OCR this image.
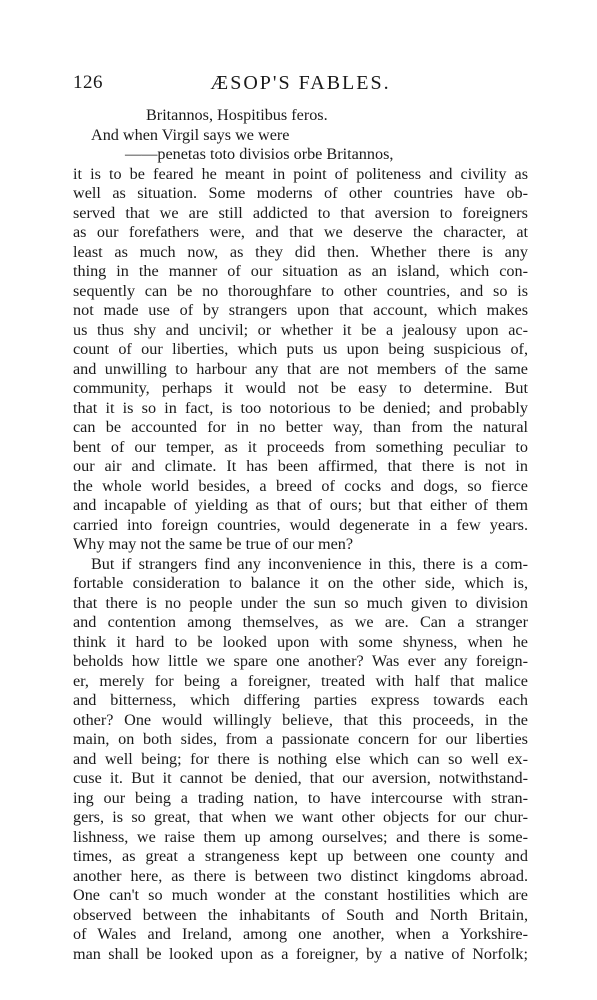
126	ÆSOP'S FABLES.
Britannos, Hospitibus feros.
And when Virgil says we were
——penetas toto divisios orbe Britannos,
it is to be feared he meant in point of politeness and civility as
well as situation. Some moderns of other countries have ob-
served that we are still addicted to that aversion to foreigners
as our forefathers were, and that we deserve the character, at
least as much now, as they did then. Whether there is any
thing in the manner of our situation as an island, which con-
sequently can be no thoroughfare to other countries, and so is
not made use of by strangers upon that account, which makes
us thus shy and uncivil; or whether it be a jealousy upon ac-
count of our liberties, which puts us upon being suspicious of,
and unwilling to harbour any that are not members of the same
community, perhaps it would not be easy to determine. But
that it is so in fact, is too notorious to be denied; and probably
can be accounted for in no better way, than from the natural
bent of our temper, as it proceeds from something peculiar to
our air and climate. It has been affirmed, that there is not in
the whole world besides, a breed of cocks and dogs, so fierce
and incapable of yielding as that of ours; but that either of them
carried into foreign countries, would degenerate in a few years.
Why may not the same be true of our men?
But if strangers find any inconvenience in this, there is a com-
fortable consideration to balance it on the other side, which is,
that there is no people under the sun so much given to division
and contention among themselves, as we are. Can a stranger
think it hard to be looked upon with some shyness, when he
beholds how little we spare one another? Was ever any foreign-
er, merely for being a foreigner, treated with half that malice
and bitterness, which differing parties express towards each
other? One would willingly believe, that this proceeds, in the
main, on both sides, from a passionate concern for our liberties
and well being; for there is nothing else which can so well ex-
cuse it. But it cannot be denied, that our aversion, notwithstand-
ing our being a trading nation, to have intercourse with stran-
gers, is so great, that when we want other objects for our chur-
lishness, we raise them up among ourselves; and there is some-
times, as great a strangeness kept up between one county and
another here, as there is between two distinct kingdoms abroad.
One can't so much wonder at the constant hostilities which are
observed between the inhabitants of South and North Britain,
of Wales and Ireland, among one another, when a Yorkshire-
man shall be looked upon as a foreigner, by a native of Norfolk;
